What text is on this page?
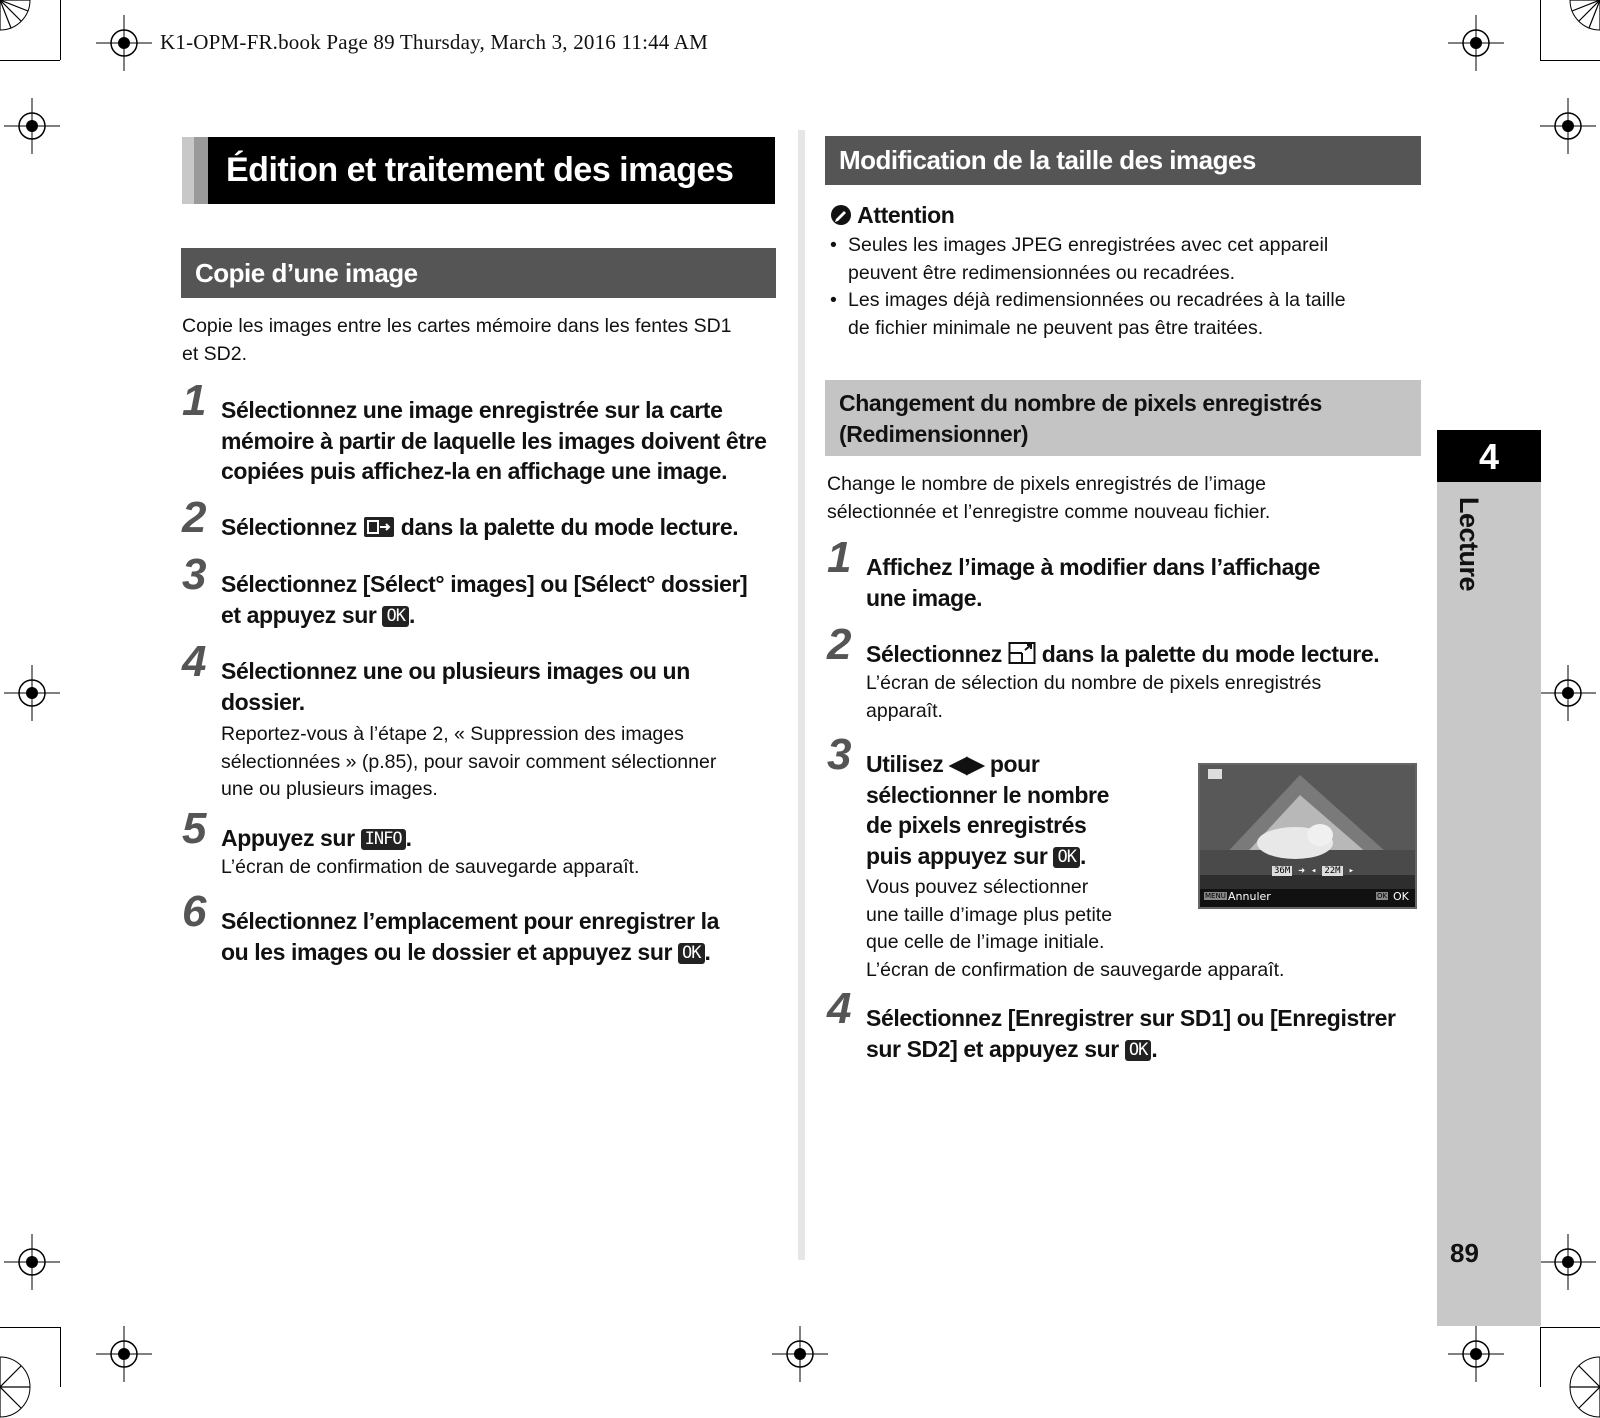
K1-OPM-FR.book Page 89 Thursday, March 3, 2016 11:44 AM
Édition et traitement des images
Copie d’une image
Copie les images entre les cartes mémoire dans les fentes SD1
et SD2.
1 Sélectionnez une image enregistrée sur la carte
mémoire à partir de laquelle les images doivent être
copiées puis affichez-la en affichage une image.
2 Sélectionnez dans la palette du mode lecture.
3 Sélectionnez [Sélect° images] ou [Sélect° dossier]
et appuyez sur OK .
4 Sélectionnez une ou plusieurs images ou un
dossier.
Reportez-vous à l’étape 2, « Suppression des images
sélectionnées » (p.85), pour savoir comment sélectionner
une ou plusieurs images.
5 Appuyez sur INFO .
L’écran de confirmation de sauvegarde apparaît.
6 Sélectionnez l’emplacement pour enregistrer la
ou les images ou le dossier et appuyez sur OK .
Modification de la taille des images
Attention
• Seules les images JPEG enregistrées avec cet appareil
peuvent être redimensionnées ou recadrées.
• Les images déjà redimensionnées ou recadrées à la taille
de fichier minimale ne peuvent pas être traitées.
Changement du nombre de pixels enregistrés
(Redimensionner)
Change le nombre de pixels enregistrés de l’image
sélectionnée et l’enregistre comme nouveau fichier.
1 Affichez l’image à modifier dans l’affichage
une image.
2 Sélectionnez dans la palette du mode lecture.
L’écran de sélection du nombre de pixels enregistrés
apparaît.
3 Utilisez ◀▶ pour
sélectionner le nombre
de pixels enregistrés
puis appuyez sur OK .
Vous pouvez sélectionner
une taille d’image plus petite
que celle de l’image initiale.
L’écran de confirmation de sauvegarde apparaît.
36M ➜ ◂ 22M ▸
MENU Annuler	OK OK
4 Sélectionnez [Enregistrer sur SD1] ou [Enregistrer
sur SD2] et appuyez sur OK .
4
Lecture
89
